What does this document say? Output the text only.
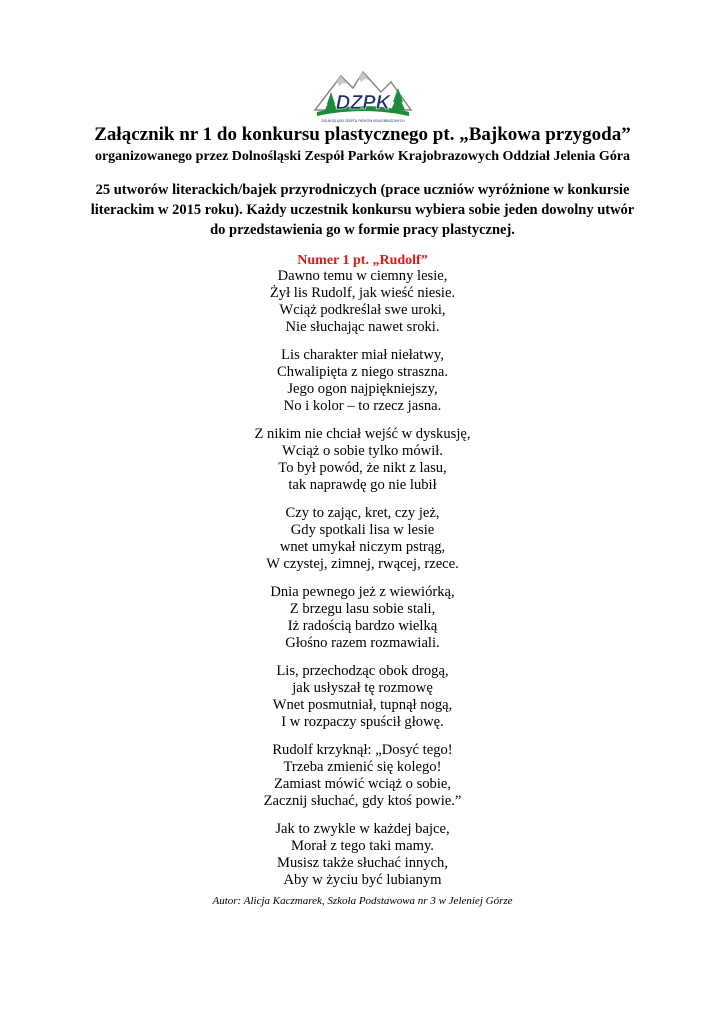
DZPK
DOLNOŚLĄSKI ZESPÓŁ PARKÓW KRAJOBRAZOWYCH
Załącznik nr 1 do konkursu plastycznego pt. „Bajkowa przygoda”
organizowanego przez Dolnośląski Zespół Parków Krajobrazowych Oddział Jelenia Góra
25 utworów literackich/bajek przyrodniczych (prace uczniów wyróżnione w konkursie
literackim w 2015 roku). Każdy uczestnik konkursu wybiera sobie jeden dowolny utwór
do przedstawienia go w formie pracy plastycznej.
Numer 1 pt. „Rudolf”
Dawno temu w ciemny lesie,
Żył lis Rudolf, jak wieść niesie.
Wciąż podkreślał swe uroki,
Nie słuchając nawet sroki.
Lis charakter miał niełatwy,
Chwalipięta z niego straszna.
Jego ogon najpiękniejszy,
No i kolor – to rzecz jasna.
Z nikim nie chciał wejść w dyskusję,
Wciąż o sobie tylko mówił.
To był powód, że nikt z lasu,
tak naprawdę go nie lubił
Czy to zając, kret, czy jeż,
Gdy spotkali lisa w lesie
wnet umykał niczym pstrąg,
W czystej, zimnej, rwącej, rzece.
Dnia pewnego jeż z wiewiórką,
Z brzegu lasu sobie stali,
Iż radością bardzo wielką
Głośno razem rozmawiali.
Lis, przechodząc obok drogą,
jak usłyszał tę rozmowę
Wnet posmutniał, tupnął nogą,
I w rozpaczy spuścił głowę.
Rudolf krzyknął: „Dosyć tego!
Trzeba zmienić się kolego!
Zamiast mówić wciąż o sobie,
Zacznij słuchać, gdy ktoś powie.”
Jak to zwykle w każdej bajce,
Morał z tego taki mamy.
Musisz także słuchać innych,
Aby w życiu być lubianym
Autor: Alicja Kaczmarek, Szkoła Podstawowa nr 3 w Jeleniej Górze
